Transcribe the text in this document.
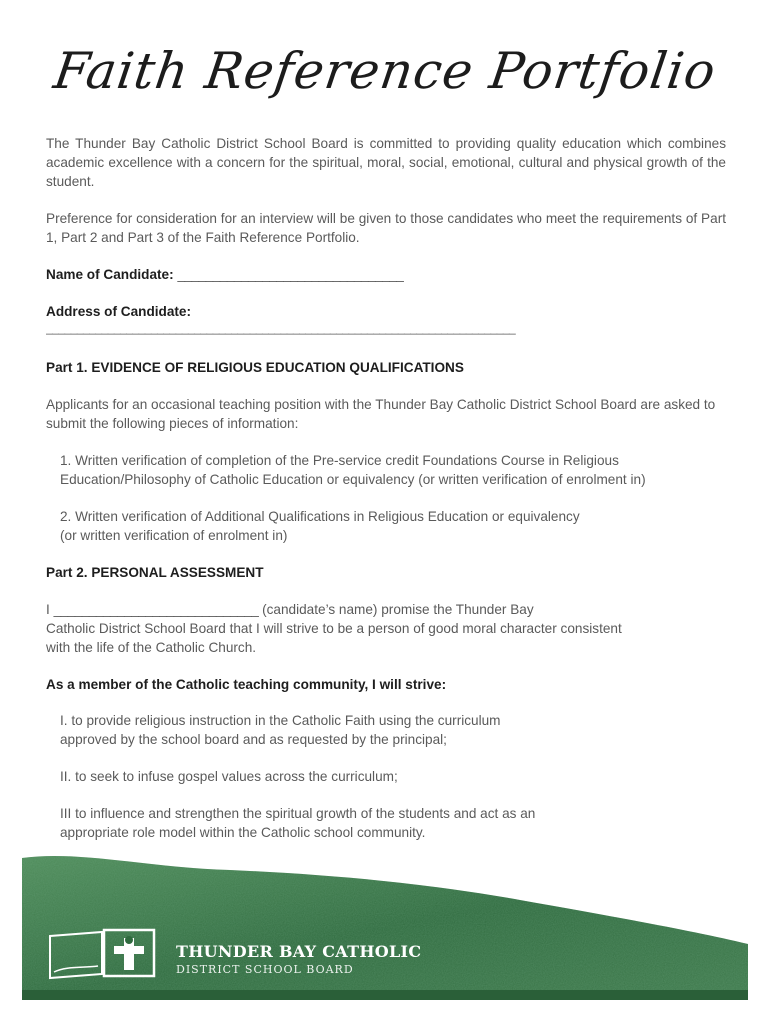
Faith Reference Portfolio
The Thunder Bay Catholic District School Board is committed to providing quality education which combines academic excellence with a concern for the spiritual, moral, social, emotional, cultural and physical growth of the student.
Preference for consideration for an interview will be given to those candidates who meet the requirements of Part 1, Part 2 and Part 3 of the Faith Reference Portfolio.
Name of Candidate: ________________________________
Address of Candidate:
____________________________________________________________________________
Part 1. EVIDENCE OF RELIGIOUS EDUCATION QUALIFICATIONS
Applicants for an occasional teaching position with the Thunder Bay Catholic District School Board are asked to submit the following pieces of information:
1. Written verification of completion of the Pre-service credit Foundations Course in Religious
Education/Philosophy of Catholic Education or equivalency (or written verification of enrolment in)
2. Written verification of Additional Qualifications in Religious Education or equivalency
(or written verification of enrolment in)
Part 2. PERSONAL ASSESSMENT
I _____________________________ (candidate’s name) promise the Thunder Bay
Catholic District School Board that I will strive to be a person of good moral character consistent
with the life of the Catholic Church.
As a member of the Catholic teaching community, I will strive:
I. to provide religious instruction in the Catholic Faith using the curriculum
approved by the school board and as requested by the principal;
II. to seek to infuse gospel values across the curriculum;
III to influence and strengthen the spiritual growth of the students and act as an
appropriate role model within the Catholic school community.
THUNDER BAY CATHOLIC
DISTRICT SCHOOL BOARD
